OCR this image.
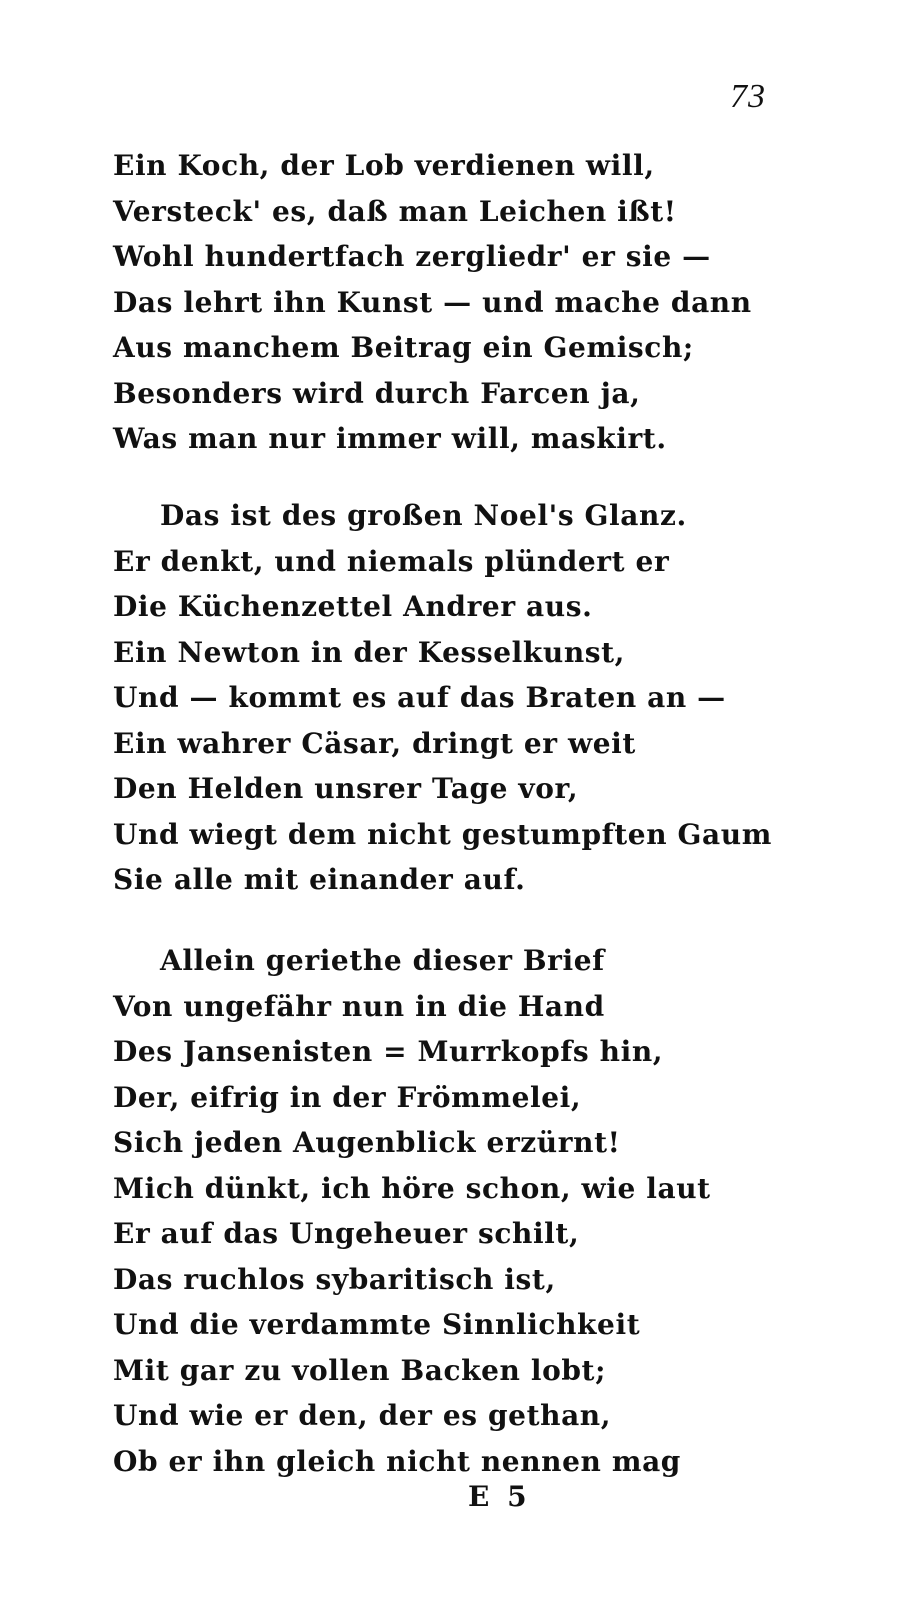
73
Ein Koch, der Lob verdienen will,
Versteck' es, daß man Leichen ißt!
Wohl hundertfach zergliedr' er sie —
Das lehrt ihn Kunst — und mache dann
Aus manchem Beitrag ein Gemisch;
Besonders wird durch Farcen ja,
Was man nur immer will, maskirt.
Das ist des großen Noel's Glanz.
Er denkt, und niemals plündert er
Die Küchenzettel Andrer aus.
Ein Newton in der Kesselkunst,
Und — kommt es auf das Braten an —
Ein wahrer Cäsar, dringt er weit
Den Helden unsrer Tage vor,
Und wiegt dem nicht gestumpften Gaum
Sie alle mit einander auf.
Allein geriethe dieser Brief
Von ungefähr nun in die Hand
Des Jansenisten = Murrkopfs hin,
Der, eifrig in der Frömmelei,
Sich jeden Augenblick erzürnt!
Mich dünkt, ich höre schon, wie laut
Er auf das Ungeheuer schilt,
Das ruchlos sybaritisch ist,
Und die verdammte Sinnlichkeit
Mit gar zu vollen Backen lobt;
Und wie er den, der es gethan,
Ob er ihn gleich nicht nennen mag
E 5
